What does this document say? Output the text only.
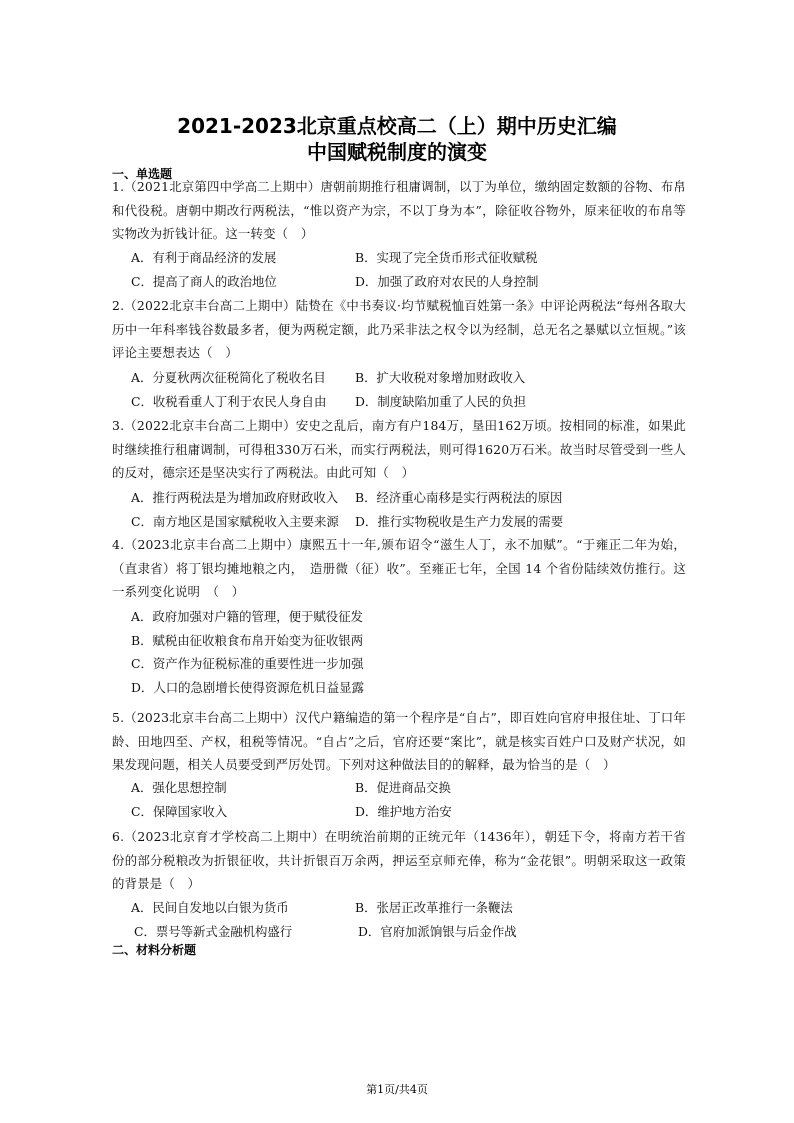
2021-2023北京重点校高二（上）期中历史汇编
中国赋税制度的演变
一、单选题
1.（2021北京第四中学高二上期中）唐朝前期推行租庸调制，以丁为单位，缴纳固定数额的谷物、布帛和代役税。唐朝中期改行两税法，“惟以资产为宗，不以丁身为本”，除征收谷物外，原来征收的布帛等实物改为折钱计征。这一转变（　）
A．有利于商品经济的发展	B．实现了完全货币形式征收赋税
C．提高了商人的政治地位	D．加强了政府对农民的人身控制
2.（2022北京丰台高二上期中）陆贽在《中书奏议·均节赋税恤百姓第一条》中评论两税法“每州各取大历中一年科率钱谷数最多者，便为两税定额，此乃采非法之权令以为经制，总无名之暴赋以立恒规。”该评论主要想表达（　）
A．分夏秋两次征税简化了税收名目 B．扩大收税对象增加财政收入
C．收税看重人丁利于农民人身自由 D．制度缺陷加重了人民的负担
3.（2022北京丰台高二上期中）安史之乱后，南方有户184万，垦田162万顷。按相同的标准，如果此时继续推行租庸调制，可得租330万石米，而实行两税法，则可得1620万石米。故当时尽管受到一些人的反对，德宗还是坚决实行了两税法。由此可知（　）
A．推行两税法是为增加政府财政收入 B．经济重心南移是实行两税法的原因
C．南方地区是国家赋税收入主要来源 D．推行实物税收是生产力发展的需要
4.（2023北京丰台高二上期中）康熙五十一年,颁布诏令“滋生人丁，永不加赋”。“于雍正二年为始，（直隶省）将丁银均摊地粮之内，　造册微（征）收”。至雍正七年，全国 14 个省份陆续效仿推行。这一系列变化说明　（　）
A．政府加强对户籍的管理，便于赋役征发
B．赋税由征收粮食布帛开始变为征收银两
C．资产作为征税标准的重要性进一步加强
D．人口的急剧增长使得资源危机日益显露
5.（2023北京丰台高二上期中）汉代户籍编造的第一个程序是“自占”，即百姓向官府申报住址、丁口年龄、田地四至、产权，租税等情况。“自占”之后，官府还要“案比”，就是核实百姓户口及财产状况，如果发现问题，相关人员要受到严厉处罚。下列对这种做法目的的解释，最为恰当的是（　）
A．强化思想控制	B．促进商品交换
C．保障国家收入	D．维护地方治安
6.（2023北京育才学校高二上期中）在明统治前期的正统元年（1436年），朝廷下令，将南方若干省份的部分税粮改为折银征收，共计折银百万余两，押运至京师充俸，称为“金花银”。明朝采取这一政策的背景是（　）
A．民间自发地以白银为货币	B．张居正改革推行一条鞭法
C．票号等新式金融机构盛行	D．官府加派饷银与后金作战
二、材料分析题
第1页/共4页
